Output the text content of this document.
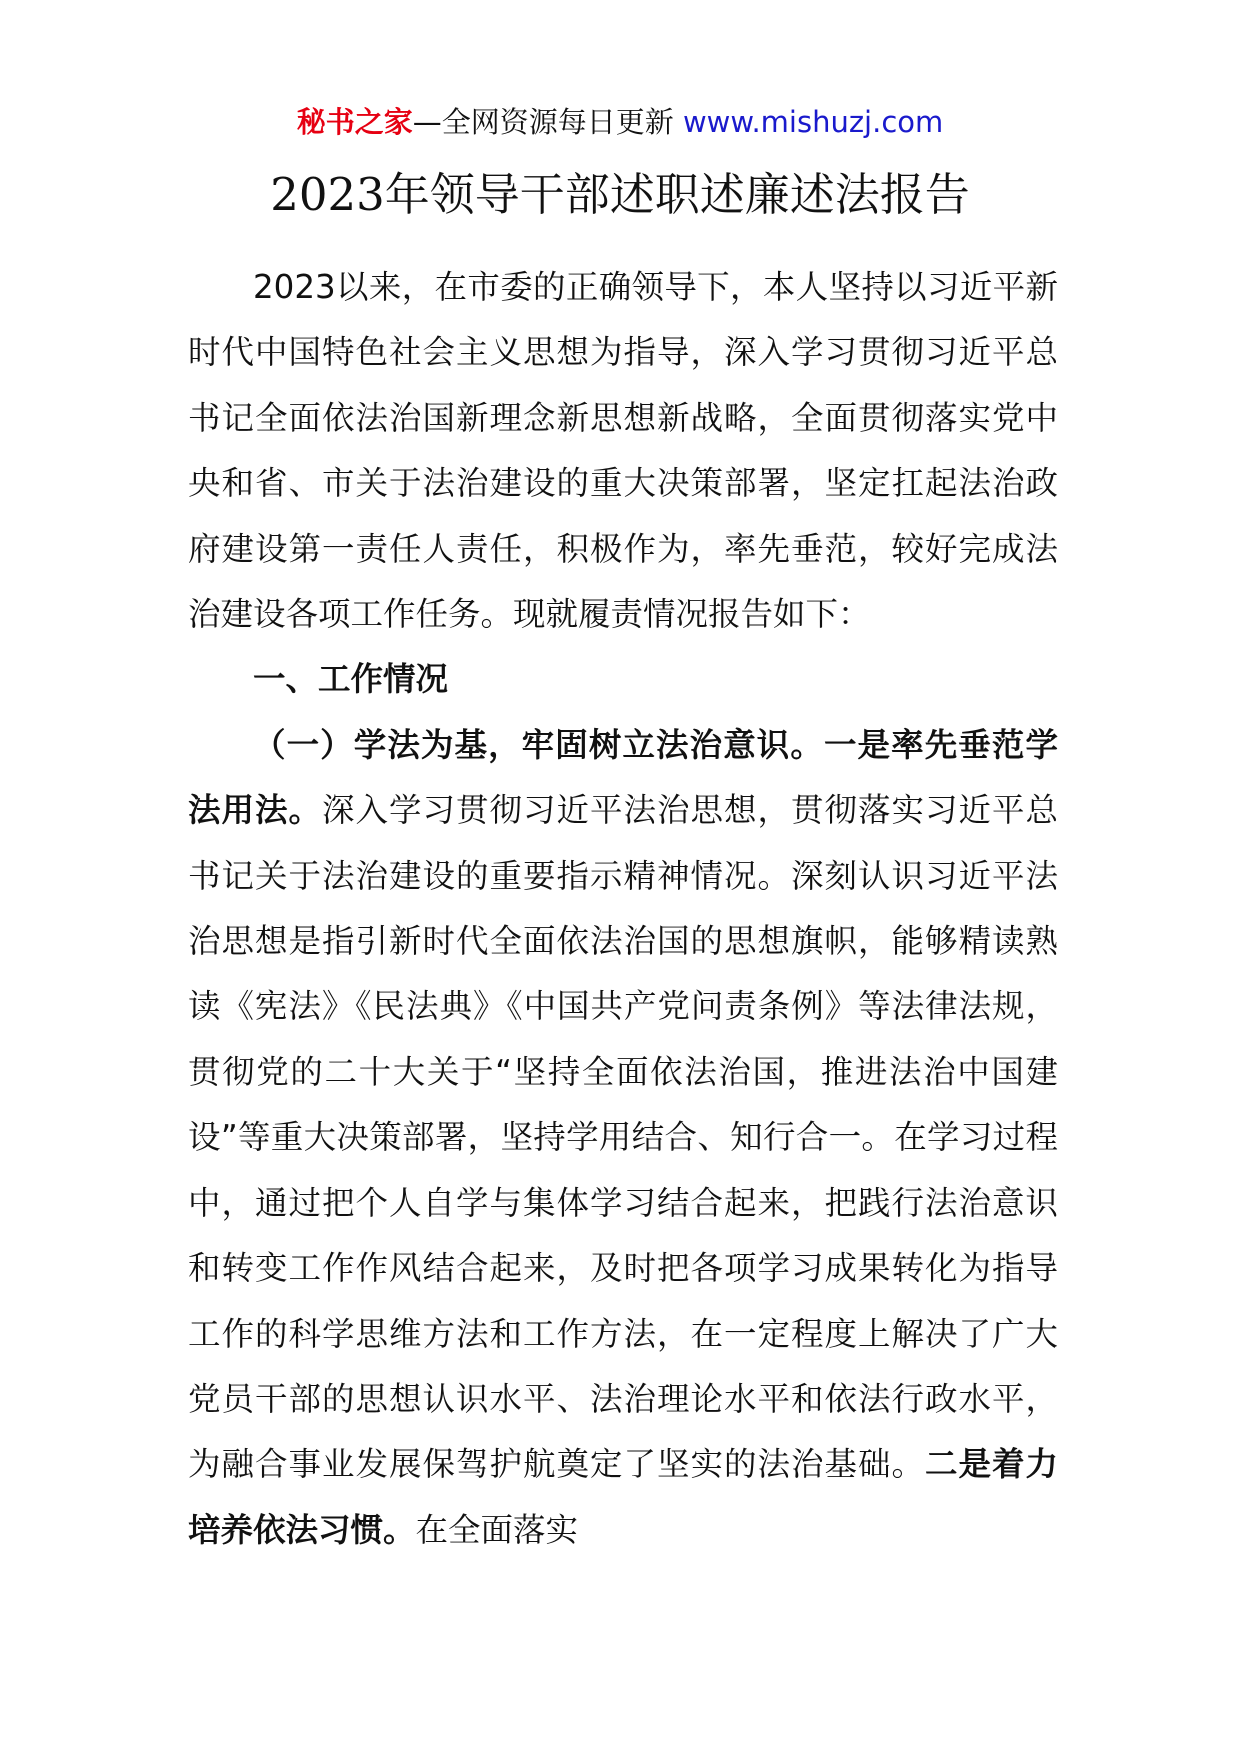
秘书之家—全网资源每日更新 www.mishuzj.com
2023年领导干部述职述廉述法报告

2023以来，在市委的正确领导下，本人坚持以习近平新时代中国特色社会主义思想为指导，深入学习贯彻习近平总书记全面依法治国新理念新思想新战略，全面贯彻落实党中央和省、市关于法治建设的重大决策部署，坚定扛起法治政府建设第一责任人责任，积极作为，率先垂范，较好完成法治建设各项工作任务。现就履责情况报告如下：

一、工作情况

（一）学法为基，牢固树立法治意识。一是率先垂范学法用法。深入学习贯彻习近平法治思想，贯彻落实习近平总书记关于法治建设的重要指示精神情况。深刻认识习近平法治思想是指引新时代全面依法治国的思想旗帜，能够精读熟读《宪法》《民法典》《中国共产党问责条例》等法律法规，贯彻党的二十大关于“坚持全面依法治国，推进法治中国建设”等重大决策部署，坚持学用结合、知行合一。在学习过程中，通过把个人自学与集体学习结合起来，把践行法治意识和转变工作作风结合起来，及时把各项学习成果转化为指导工作的科学思维方法和工作方法，在一定程度上解决了广大党员干部的思想认识水平、法治理论水平和依法行政水平，为融合事业发展保驾护航奠定了坚实的法治基础。二是着力培养依法习惯。在全面落实
